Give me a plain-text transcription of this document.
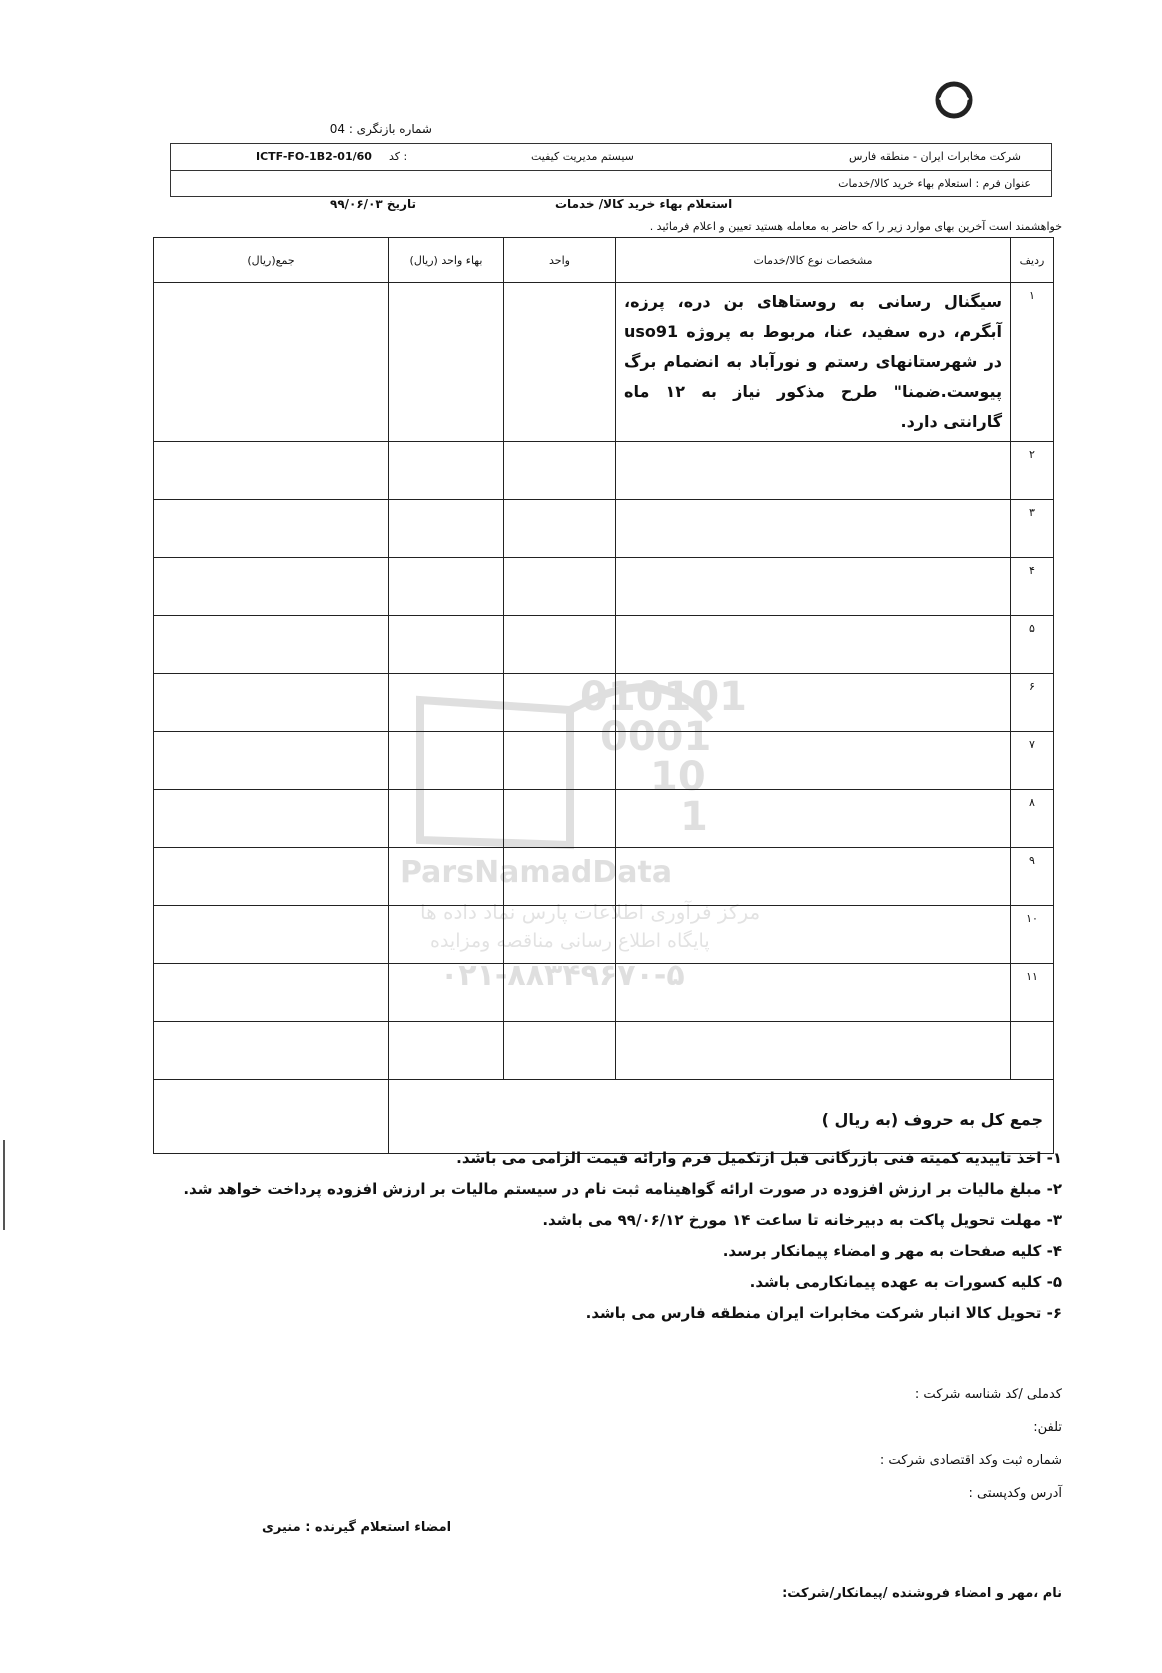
شماره بازنگری : 04
شرکت مخابرات ایران - منطقه فارس
سیستم مدیریت کیفیت
کد :
ICTF-FO-1B2-01/60
عنوان فرم : استعلام بهاء خرید کالا/خدمات
استعلام بهاء خرید کالا/ خدمات
تاریخ ۹۹/۰۶/۰۳
خواهشمند است آخرین بهای موارد زیر را که حاضر به معامله هستید تعیین و اعلام فرمائید .
010101
0001
10
1
ParsNamadData
مرکز فرآوری اطلاعات پارس نماد داده ها
پایگاه اطلاع رسانی مناقصه ومزایده
۰۲۱-۸۸۳۴۹۶۷۰-۵
ردیف	مشخصات نوع کالا/خدمات	واحد	بهاء واحد (ریال)	جمع(ریال)
۱	سیگنال رسانی به روستاهای بن دره، پرزه، آبگرم، دره سفید، عنا، مربوط به پروژه uso91 در شهرستانهای رستم و نورآباد به انضمام برگ پیوست.ضمنا" طرح مذکور نیاز به ۱۲ ماه گارانتی دارد.			
۲				
۳				
۴				
۵				
۶				
۷				
۸				
۹				
۱۰				
۱۱				

جمع کل به حروف (به ریال )				
۱- اخذ تاییدیه کمیته فنی بازرگانی قبل ازتکمیل فرم وارائه قیمت الزامی می باشد.
۲- مبلغ مالیات بر ارزش افزوده در صورت ارائه گواهینامه ثبت نام در سیستم مالیات بر ارزش افزوده پرداخت خواهد شد.
۳- مهلت تحویل پاکت به دبیرخانه تا ساعت ۱۴ مورخ ۹۹/۰۶/۱۲ می باشد.
۴- کلیه صفحات به مهر و امضاء پیمانکار برسد.
۵- کلیه کسورات به عهده پیمانکارمی باشد.
۶- تحویل کالا انبار شرکت مخابرات ایران منطقه فارس می باشد.
کدملی /کد شناسه شرکت :
تلفن:
شماره ثبت وکد اقتصادی شرکت :
آدرس وکدپستی :
امضاء استعلام گیرنده : منیری
نام ،مهر و امضاء فروشنده /پیمانکار/شرکت:
